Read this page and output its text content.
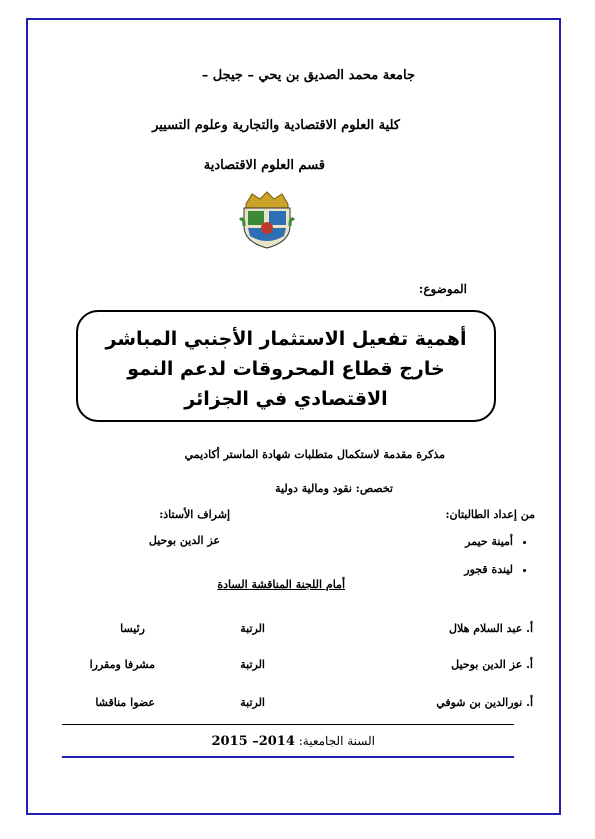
جامعة محمد الصديق بن يحي – جيجل –
كلية العلوم الاقتصادية والتجارية وعلوم التسيير
قسم العلوم الاقتصادية
الموضوع:
أهمية تفعيل الاستثمار الأجنبي المباشر خارج قطاع المحروقات لدعم النمو الاقتصادي في الجزائر
مذكرة مقدمة لاستكمال متطلبات شهادة الماستر أكاديمي
تخصص: نقود ومالية دولية
من إعداد الطالبتان:
• أمينة حيمر
• ليندة قجور
إشراف الأستاذ:
عز الدين بوحيل
أمام اللجنة المناقشة السادة
أ. عبد السلام هلال
الرتبة
رئيسا
أ. عز الدين بوحيل
الرتبة
مشرفا ومقررا
أ. نورالدين بن شوفي
الرتبة
عضوا مناقشا
السنة الجامعية: 2014– 2015
